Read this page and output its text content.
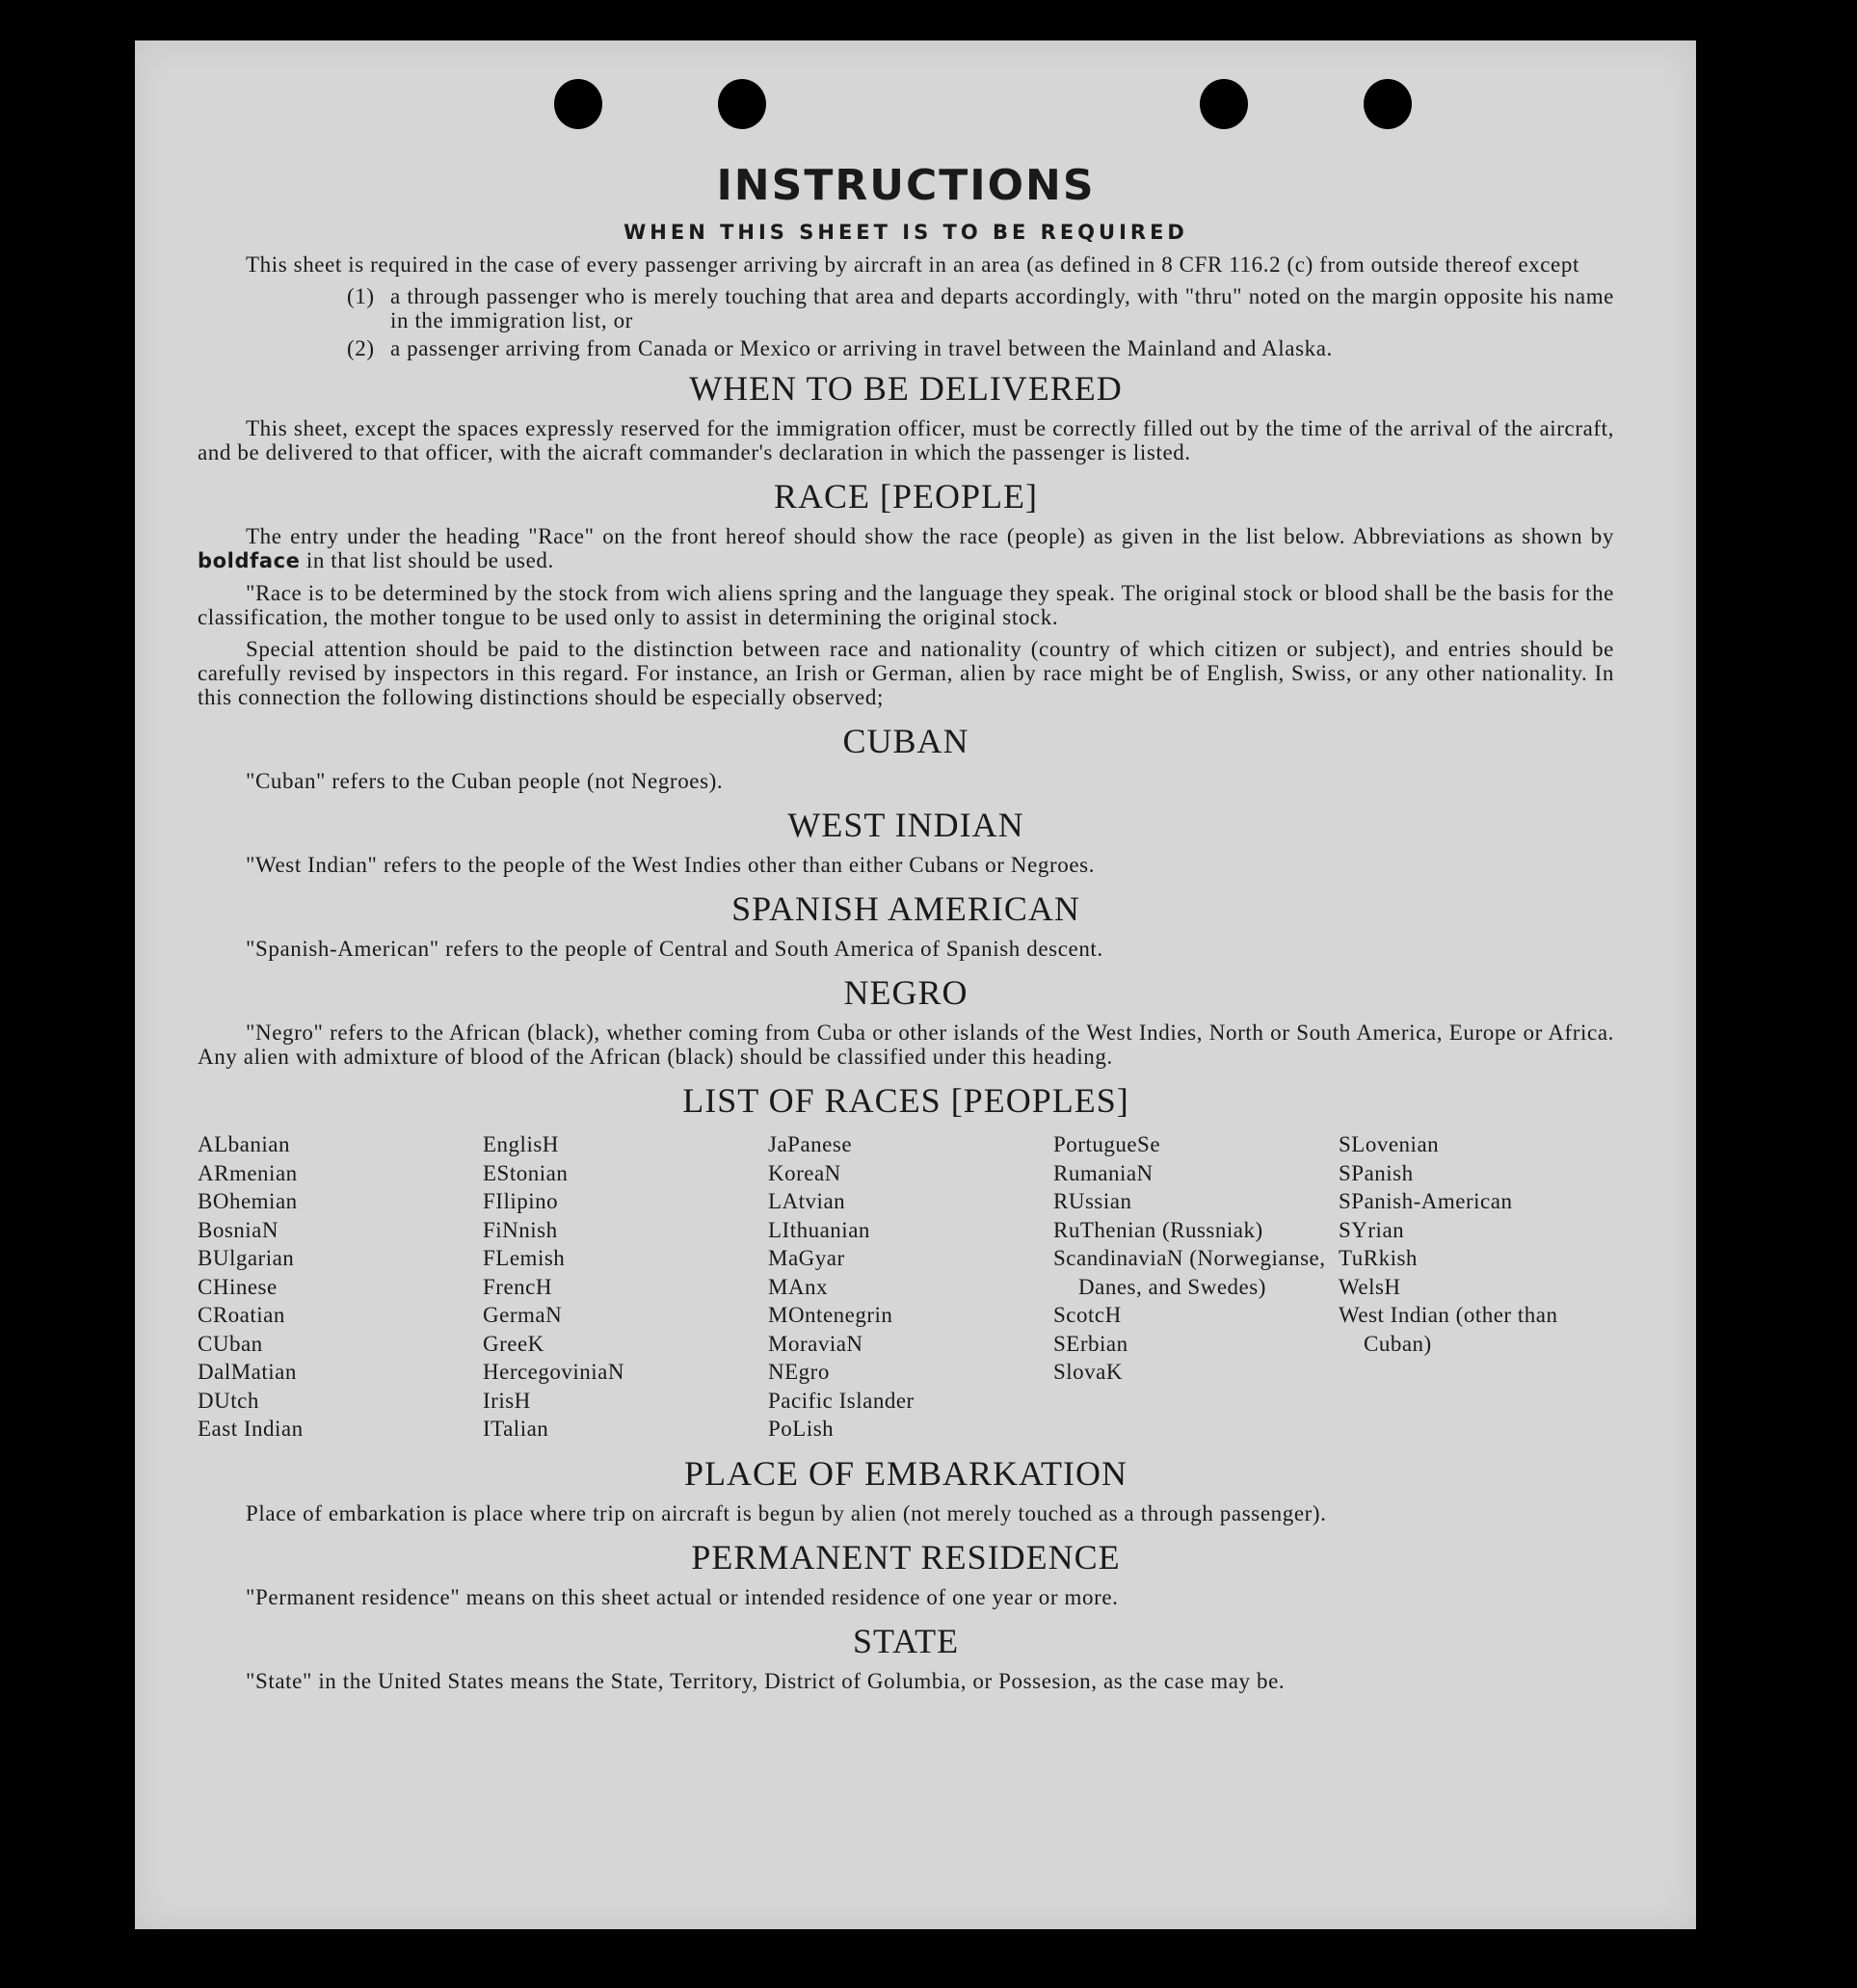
INSTRUCTIONS
WHEN THIS SHEET IS TO BE REQUIRED

This sheet is required in the case of every passenger arriving by aircraft in an area (as defined in 8 CFR 116.2 (c) from outside thereof except

(1) a through passenger who is merely touching that area and departs accordingly, with "thru" noted on the margin opposite his name in the immigration list, or
(2) a passenger arriving from Canada or Mexico or arriving in travel between the Mainland and Alaska.
WHEN TO BE DELIVERED

This sheet, except the spaces expressly reserved for the immigration officer, must be correctly filled out by the time of the arrival of the aircraft, and be delivered to that officer, with the aicraft commander's declaration in which the passenger is listed.

RACE [PEOPLE]

The entry under the heading "Race" on the front hereof should show the race (people) as given in the list below. Abbreviations as shown by boldface in that list should be used.

"Race is to be determined by the stock from wich aliens spring and the language they speak. The original stock or blood shall be the basis for the classification, the mother tongue to be used only to assist in determining the original stock.

Special attention should be paid to the distinction between race and nationality (country of which citizen or subject), and entries should be carefully revised by inspectors in this regard. For instance, an Irish or German, alien by race might be of English, Swiss, or any other nationality. In this connection the following distinctions should be especially observed;

CUBAN

"Cuban" refers to the Cuban people (not Negroes).

WEST INDIAN

"West Indian" refers to the people of the West Indies other than either Cubans or Negroes.

SPANISH AMERICAN

"Spanish-American" refers to the people of Central and South America of Spanish descent.

NEGRO

"Negro" refers to the African (black), whether coming from Cuba or other islands of the West Indies, North or South America, Europe or Africa. Any alien with admixture of blood of the African (black) should be classified under this heading.

LIST OF RACES [PEOPLES]
ALbanian
ARmenian
BOhemian
BosniaN
BUlgarian
CHinese
CRoatian
CUban
DalMatian
DUtch
East Indian
EnglisH
EStonian
FIlipino
FiNnish
FLemish
FrencH
GermaN
GreeK
HercegoviniaN
IrisH
ITalian
JaPanese
KoreaN
LAtvian
LIthuanian
MaGyar
MAnx
MOntenegrin
MoraviaN
NEgro
Pacific Islander
PoLish
PortugueSe
RumaniaN
RUssian
RuThenian (Russniak)
ScandinaviaN (Norwegianse, Danes, and Swedes)
ScotcH
SErbian
SlovaK
SLovenian
SPanish
SPanish-American
SYrian
TuRkish
WelsH
West Indian (other than Cuban)
PLACE OF EMBARKATION

Place of embarkation is place where trip on aircraft is begun by alien (not merely touched as a through passenger).

PERMANENT RESIDENCE

"Permanent residence" means on this sheet actual or intended residence of one year or more.

STATE

"State" in the United States means the State, Territory, District of Golumbia, or Possesion, as the case may be.
